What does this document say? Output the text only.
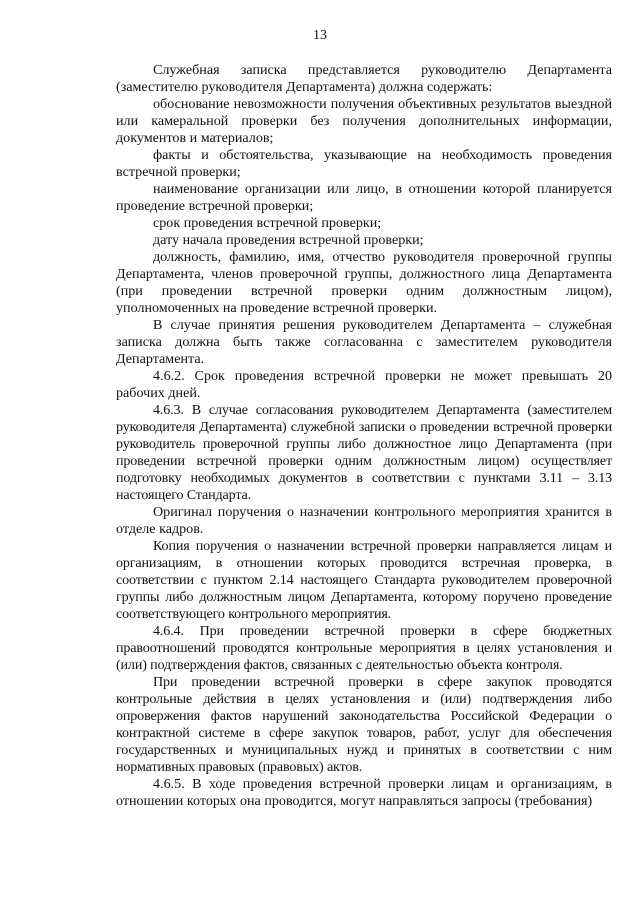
13

Служебная записка представляется руководителю Департамента (заместителю руководителя Департамента) должна содержать:

обоснование невозможности получения объективных результатов выездной или камеральной проверки без получения дополнительных информации, документов и материалов;

факты и обстоятельства, указывающие на необходимость проведения встречной проверки;

наименование организации или лицо, в отношении которой планируется проведение встречной проверки;

срок проведения встречной проверки;

дату начала проведения встречной проверки;

должность, фамилию, имя, отчество руководителя проверочной группы Департамента, членов проверочной группы, должностного лица Департамента (при проведении встречной проверки одним должностным лицом), уполномоченных на проведение встречной проверки.

В случае принятия решения руководителем Департамента – служебная записка должна быть также согласованна с заместителем руководителя Департамента.

4.6.2. Срок проведения встречной проверки не может превышать 20 рабочих дней.

4.6.3. В случае согласования руководителем Департамента (заместителем руководителя Департамента) служебной записки о проведении встречной проверки руководитель проверочной группы либо должностное лицо Департамента (при проведении встречной проверки одним должностным лицом) осуществляет подготовку необходимых документов в соответствии с пунктами 3.11 – 3.13 настоящего Стандарта.

Оригинал поручения о назначении контрольного мероприятия хранится в отделе кадров.

Копия поручения о назначении встречной проверки направляется лицам и организациям, в отношении которых проводится встречная проверка, в соответствии с пунктом 2.14 настоящего Стандарта руководителем проверочной группы либо должностным лицом Департамента, которому поручено проведение соответствующего контрольного мероприятия.

4.6.4. При проведении встречной проверки в сфере бюджетных правоотношений проводятся контрольные мероприятия в целях установления и (или) подтверждения фактов, связанных с деятельностью объекта контроля.

При проведении встречной проверки в сфере закупок проводятся контрольные действия в целях установления и (или) подтверждения либо опровержения фактов нарушений законодательства Российской Федерации о контрактной системе в сфере закупок товаров, работ, услуг для обеспечения государственных и муниципальных нужд и принятых в соответствии с ним нормативных правовых (правовых) актов.

4.6.5. В ходе проведения встречной проверки лицам и организациям, в отношении которых она проводится, могут направляться запросы (требования)
